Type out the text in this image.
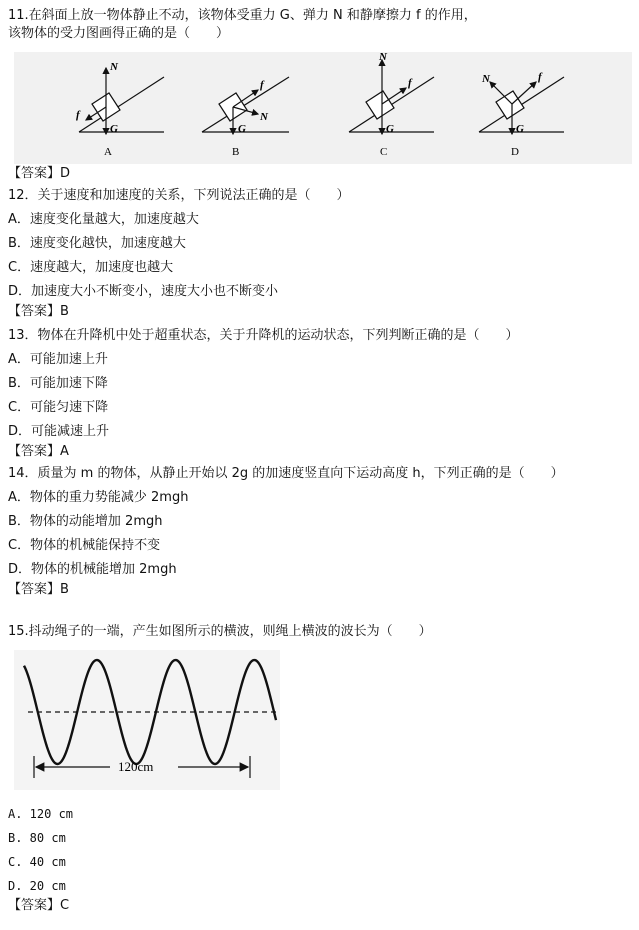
11.在斜面上放一物体静止不动，该物体受重力 G、弹力 N 和静摩擦力 f 的作用，
该物体的受力图画得正确的是（　　）
N
G
f
A
N
f
G
B
N
f
G
C
N	f
G
D
【答案】D
12．关于速度和加速度的关系，下列说法正确的是（　　）
A．速度变化量越大，加速度越大
B．速度变化越快，加速度越大
C．速度越大，加速度也越大
D．加速度大小不断变小，速度大小也不断变小
【答案】B
13．物体在升降机中处于超重状态，关于升降机的运动状态，下列判断正确的是（　　）
A．可能加速上升
B．可能加速下降
C．可能匀速下降
D．可能减速上升
【答案】A
14．质量为 m 的物体，从静止开始以 2g 的加速度竖直向下运动高度 h，下列正确的是（　　）
A．物体的重力势能减少 2mgh
B．物体的动能增加 2mgh
C．物体的机械能保持不变
D．物体的机械能增加 2mgh
【答案】B
15.抖动绳子的一端，产生如图所示的横波，则绳上横波的波长为（　　）
120cm
A. 120 cm
B. 80 cm
C. 40 cm
D. 20 cm
【答案】C
